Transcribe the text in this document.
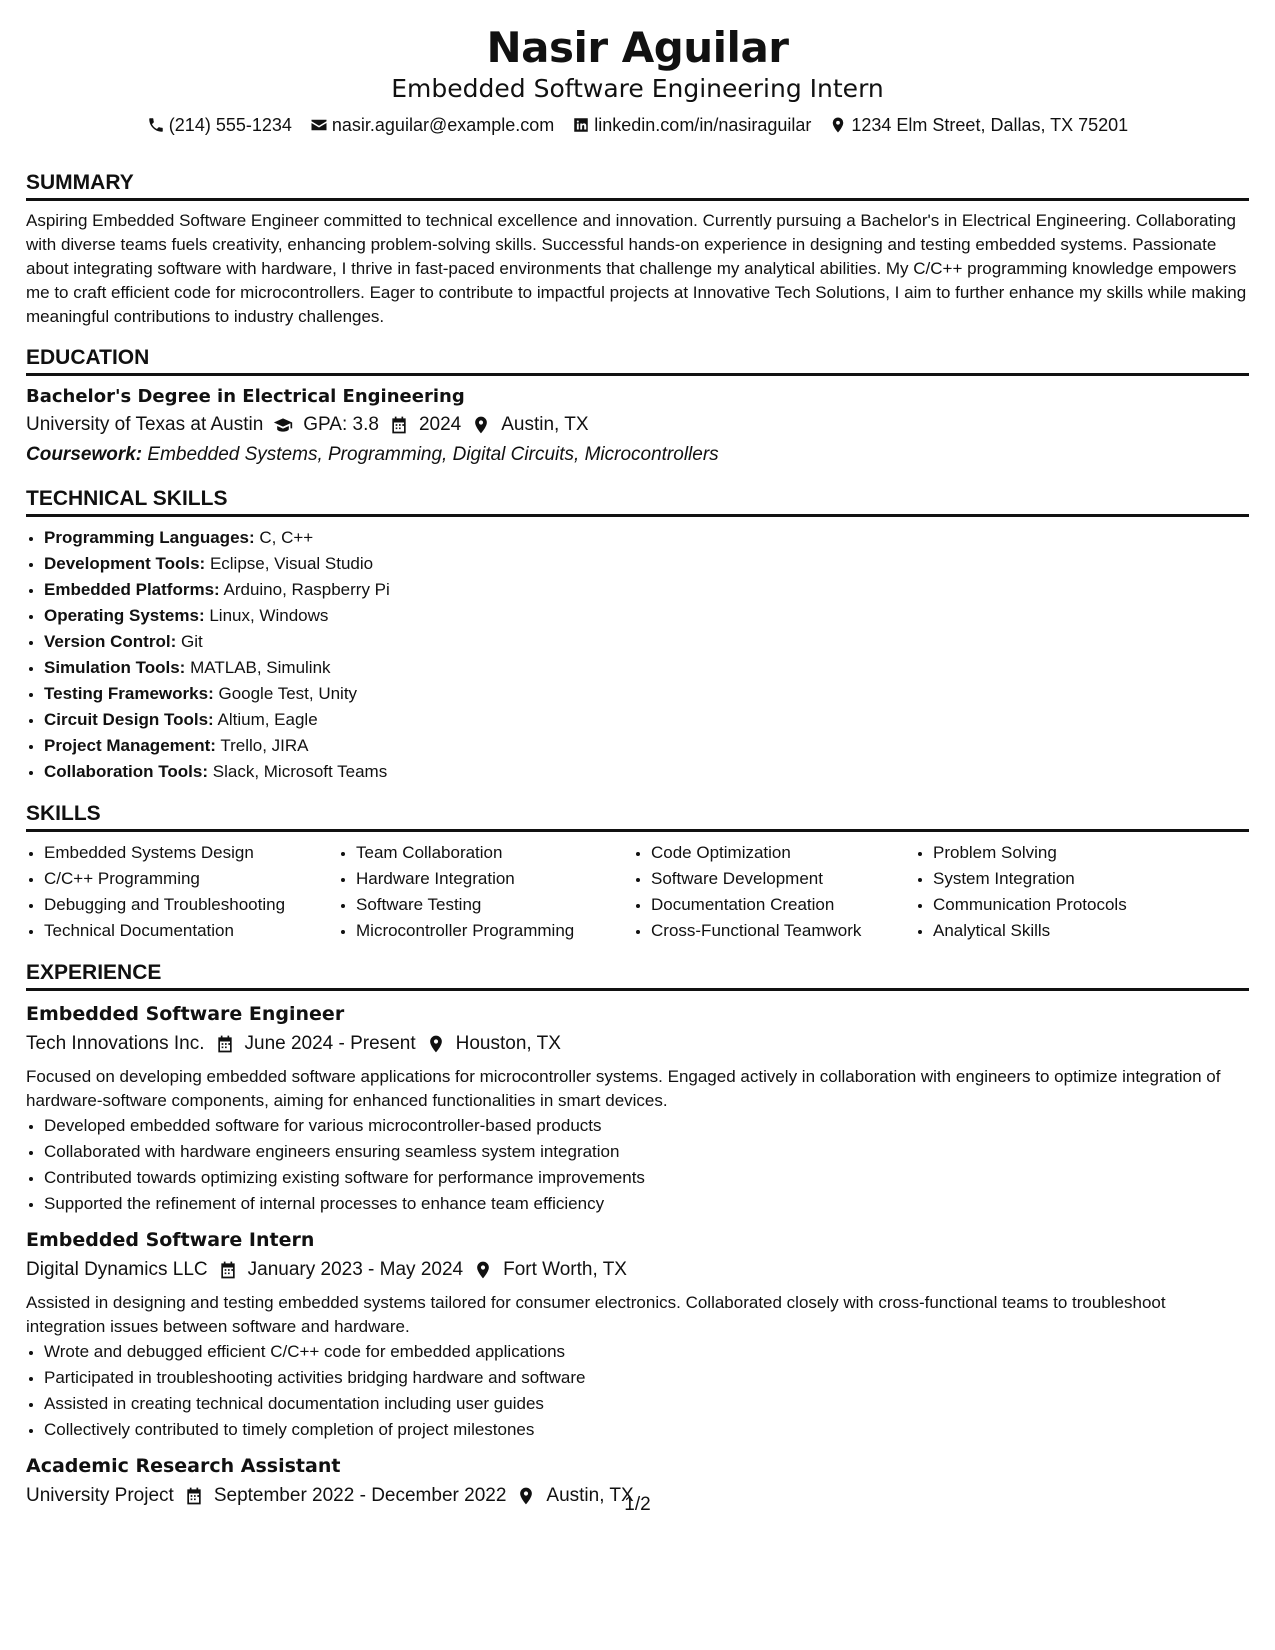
Nasir Aguilar
Embedded Software Engineering Intern
(214) 555-1234 nasir.aguilar@example.com linkedin.com/in/nasiraguilar 1234 Elm Street, Dallas, TX 75201
SUMMARY

Aspiring Embedded Software Engineer committed to technical excellence and innovation. Currently pursuing a Bachelor's in Electrical Engineering. Collaborating with diverse teams fuels creativity, enhancing problem-solving skills. Successful hands-on experience in designing and testing embedded systems. Passionate about integrating software with hardware, I thrive in fast-paced environments that challenge my analytical abilities. My C/C++ programming knowledge empowers me to craft efficient code for microcontrollers. Eager to contribute to impactful projects at Innovative Tech Solutions, I aim to further enhance my skills while making meaningful contributions to industry challenges.

EDUCATION
Bachelor's Degree in Electrical Engineering
University of Texas at Austin GPA: 3.8 2024 Austin, TX
Coursework: Embedded Systems, Programming, Digital Circuits, Microcontrollers
TECHNICAL SKILLS
• Programming Languages: C, C++
• Development Tools: Eclipse, Visual Studio
• Embedded Platforms: Arduino, Raspberry Pi
• Operating Systems: Linux, Windows
• Version Control: Git
• Simulation Tools: MATLAB, Simulink
• Testing Frameworks: Google Test, Unity
• Circuit Design Tools: Altium, Eagle
• Project Management: Trello, JIRA
• Collaboration Tools: Slack, Microsoft Teams
SKILLS
• Embedded Systems Design
• C/C++ Programming
• Debugging and Troubleshooting
• Technical Documentation
• Team Collaboration
• Hardware Integration
• Software Testing
• Microcontroller Programming
• Code Optimization
• Software Development
• Documentation Creation
• Cross-Functional Teamwork
• Problem Solving
• System Integration
• Communication Protocols
• Analytical Skills
EXPERIENCE
Embedded Software Engineer
Tech Innovations Inc. June 2024 - Present Houston, TX

Focused on developing embedded software applications for microcontroller systems. Engaged actively in collaboration with engineers to optimize integration of hardware-software components, aiming for enhanced functionalities in smart devices.

• Developed embedded software for various microcontroller-based products
• Collaborated with hardware engineers ensuring seamless system integration
• Contributed towards optimizing existing software for performance improvements
• Supported the refinement of internal processes to enhance team efficiency
Embedded Software Intern
Digital Dynamics LLC January 2023 - May 2024 Fort Worth, TX

Assisted in designing and testing embedded systems tailored for consumer electronics. Collaborated closely with cross-functional teams to troubleshoot integration issues between software and hardware.

• Wrote and debugged efficient C/C++ code for embedded applications
• Participated in troubleshooting activities bridging hardware and software
• Assisted in creating technical documentation including user guides
• Collectively contributed to timely completion of project milestones
Academic Research Assistant
University Project September 2022 - December 2022 Austin, TX
1/2
